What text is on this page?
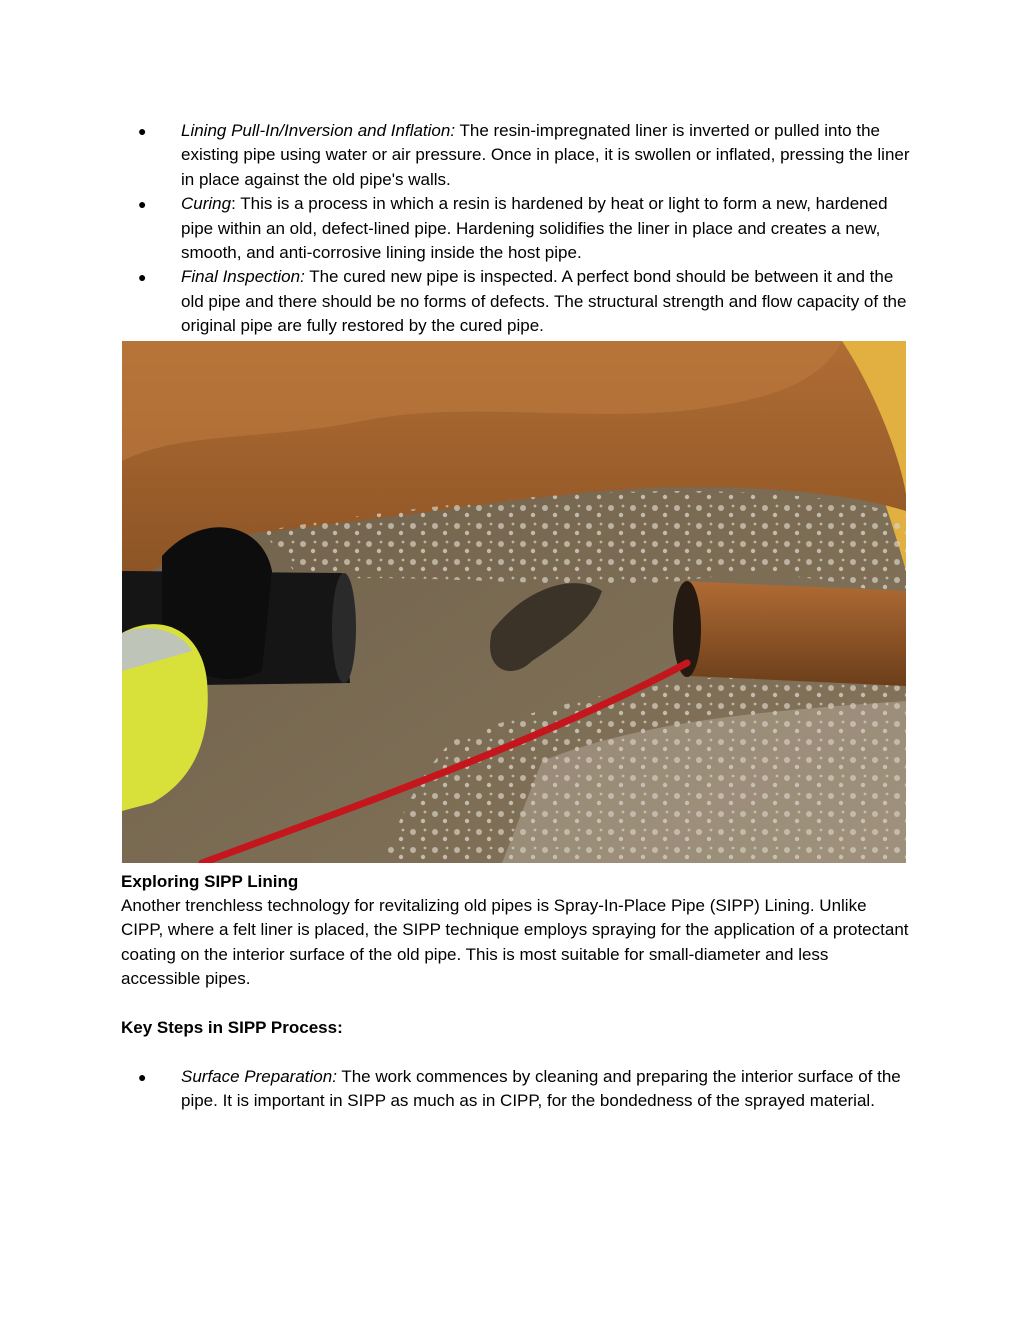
● Lining Pull-In/Inversion and Inflation: The resin-impregnated liner is inverted or pulled into the existing pipe using water or air pressure. Once in place, it is swollen or inflated, pressing the liner in place against the old pipe's walls.
● Curing: This is a process in which a resin is hardened by heat or light to form a new, hardened pipe within an old, defect-lined pipe. Hardening solidifies the liner in place and creates a new, smooth, and anti-corrosive lining inside the host pipe.
● Final Inspection: The cured new pipe is inspected. A perfect bond should be between it and the old pipe and there should be no forms of defects. The structural strength and flow capacity of the original pipe are fully restored by the cured pipe.
Exploring SIPP Lining
Another trenchless technology for revitalizing old pipes is Spray-In-Place Pipe (SIPP) Lining. Unlike CIPP, where a felt liner is placed, the SIPP technique employs spraying for the application of a protectant coating on the interior surface of the old pipe. This is most suitable for small-diameter and less accessible pipes.
Key Steps in SIPP Process:
● Surface Preparation: The work commences by cleaning and preparing the interior surface of the pipe. It is important in SIPP as much as in CIPP, for the bondedness of the sprayed material.
